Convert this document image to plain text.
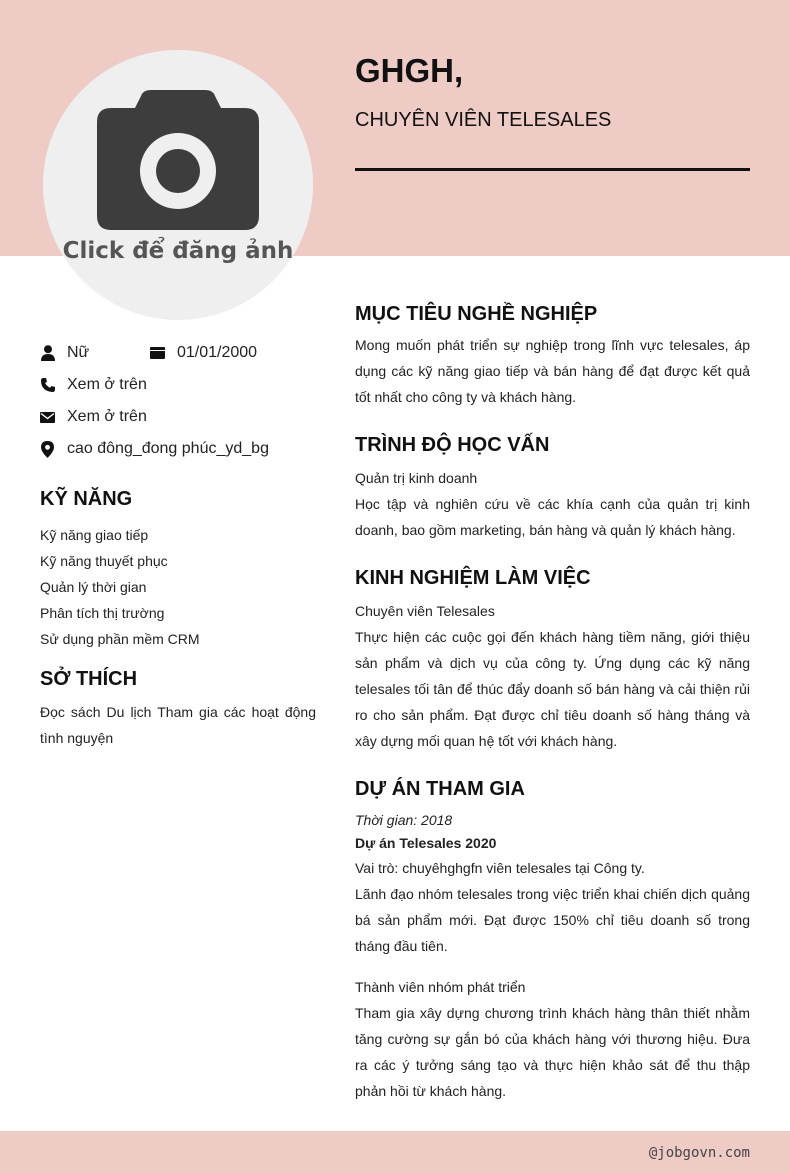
Click để đăng ảnh
GHGH,
CHUYÊN VIÊN TELESALES
Nữ	01/01/2000
Xem ở trên
Xem ở trên
cao đông_đong phúc_yd_bg
KỸ NĂNG
Kỹ năng giao tiếp
Kỹ năng thuyết phục
Quản lý thời gian
Phân tích thị trường
Sử dụng phần mềm CRM
SỞ THÍCH
Đọc sách Du lịch Tham gia các hoạt động tình nguyện
MỤC TIÊU NGHỀ NGHIỆP
Mong muốn phát triển sự nghiệp trong lĩnh vực telesales, áp dụng các kỹ năng giao tiếp và bán hàng để đạt được kết quả tốt nhất cho công ty và khách hàng.
TRÌNH ĐỘ HỌC VẤN
Quản trị kinh doanh
Học tập và nghiên cứu về các khía cạnh của quản trị kinh doanh, bao gồm marketing, bán hàng và quản lý khách hàng.
KINH NGHIỆM LÀM VIỆC
Chuyên viên Telesales
Thực hiện các cuộc gọi đến khách hàng tiềm năng, giới thiệu sản phẩm và dịch vụ của công ty. Ứng dụng các kỹ năng telesales tối tân để thúc đẩy doanh số bán hàng và cải thiện rủi ro cho sản phẩm. Đạt được chỉ tiêu doanh số hàng tháng và xây dựng mối quan hệ tốt với khách hàng.
DỰ ÁN THAM GIA
Thời gian: 2018
Dự án Telesales 2020
Vai trò: chuyêhghgfn viên telesales tại Công ty.
Lãnh đạo nhóm telesales trong việc triển khai chiến dịch quảng bá sản phẩm mới. Đạt được 150% chỉ tiêu doanh số trong tháng đầu tiên.
Thành viên nhóm phát triển
Tham gia xây dựng chương trình khách hàng thân thiết nhằm tăng cường sự gắn bó của khách hàng với thương hiệu. Đưa ra các ý tưởng sáng tạo và thực hiện khảo sát để thu thập phản hồi từ khách hàng.
@jobgovn.com
